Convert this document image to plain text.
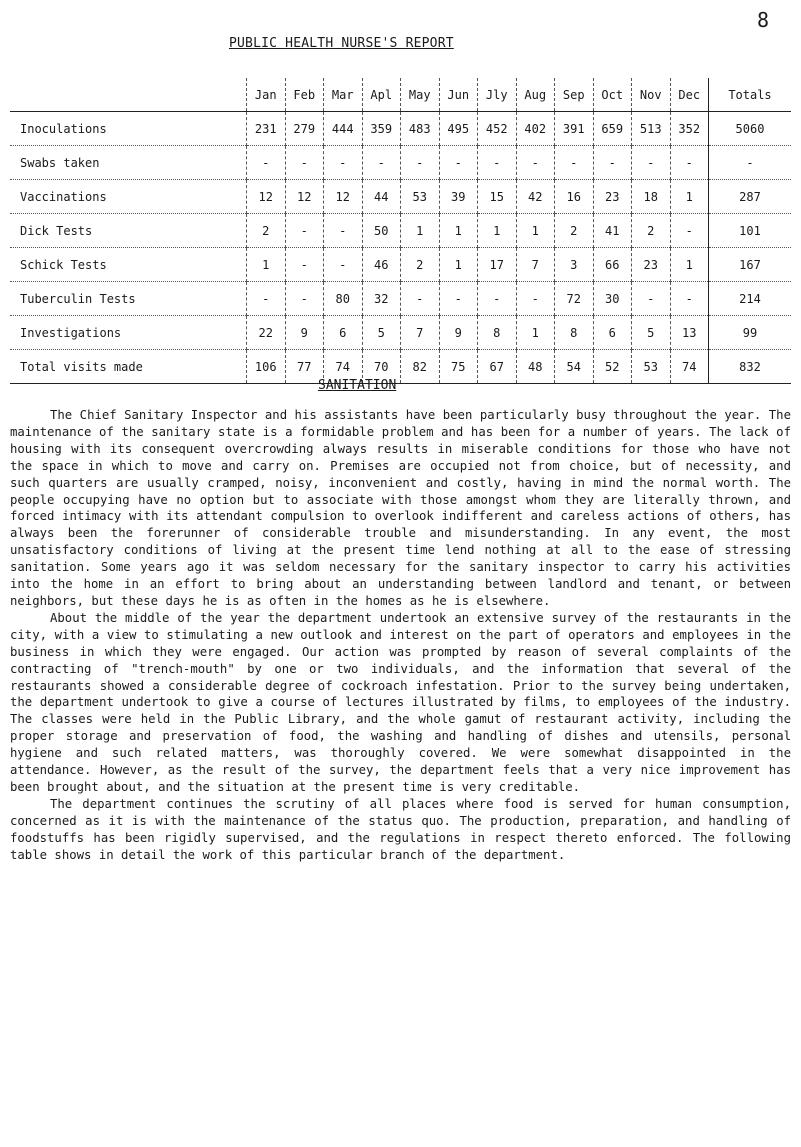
8
PUBLIC HEALTH NURSE'S REPORT
	Jan	Feb	Mar	Apl	May	Jun	Jly	Aug	Sep	Oct	Nov	Dec	Totals
Inoculations	231	279	444	359	483	495	452	402	391	659	513	352	5060
Swabs taken	-	-	-	-	-	-	-	-	-	-	-	-	-
Vaccinations	12	12	12	44	53	39	15	42	16	23	18	1	287
Dick Tests	2	-	-	50	1	1	1	1	2	41	2	-	101
Schick Tests	1	-	-	46	2	1	17	7	3	66	23	1	167
Tuberculin Tests	-	-	80	32	-	-	-	-	72	30	-	-	214
Investigations	22	9	6	5	7	9	8	1	8	6	5	13	99
Total visits made	106	77	74	70	82	75	67	48	54	52	53	74	832
SANITATION

The Chief Sanitary Inspector and his assistants have been particularly busy throughout the year. The maintenance of the sanitary state is a formidable problem and has been for a number of years. The lack of housing with its consequent overcrowding always results in miserable conditions for those who have not the space in which to move and carry on. Premises are occupied not from choice, but of necessity, and such quarters are usually cramped, noisy, inconvenient and costly, having in mind the normal worth. The people occupying have no option but to associate with those amongst whom they are literally thrown, and forced intimacy with its attendant compulsion to overlook indifferent and careless actions of others, has always been the forerunner of considerable trouble and misunderstanding. In any event, the most unsatisfactory conditions of living at the present time lend nothing at all to the ease of stressing sanitation. Some years ago it was seldom necessary for the sanitary inspector to carry his activities into the home in an effort to bring about an understanding between landlord and tenant, or between neighbors, but these days he is as often in the homes as he is elsewhere.

About the middle of the year the department undertook an extensive survey of the restaurants in the city, with a view to stimulating a new outlook and interest on the part of operators and employees in the business in which they were engaged. Our action was prompted by reason of several complaints of the contracting of "trench-mouth" by one or two individuals, and the information that several of the restaurants showed a considerable degree of cockroach infestation. Prior to the survey being undertaken, the department undertook to give a course of lectures illustrated by films, to employees of the industry. The classes were held in the Public Library, and the whole gamut of restaurant activity, including the proper storage and preservation of food, the washing and handling of dishes and utensils, personal hygiene and such related matters, was thoroughly covered. We were somewhat disappointed in the attendance. However, as the result of the survey, the department feels that a very nice improvement has been brought about, and the situation at the present time is very creditable.

The department continues the scrutiny of all places where food is served for human consumption, concerned as it is with the maintenance of the status quo. The production, preparation, and handling of foodstuffs has been rigidly supervised, and the regulations in respect thereto enforced. The following table shows in detail the work of this particular branch of the department.
